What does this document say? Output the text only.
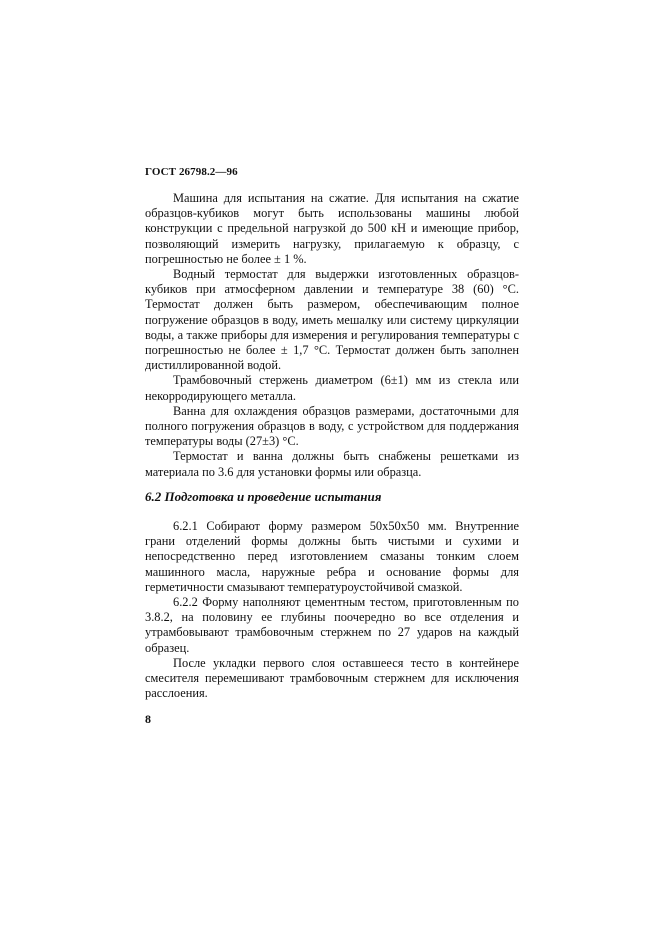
ГОСТ 26798.2—96

Машина для испытания на сжатие. Для испытания на сжатие образцов-кубиков могут быть использованы машины любой конструкции с предельной нагрузкой до 500 кН и имеющие прибор, позволяющий измерить нагрузку, прилагаемую к образцу, с погрешностью не более ± 1 %.

Водный термостат для выдержки изготовленных образцов-кубиков при атмосферном давлении и температуре 38 (60) °С. Термостат должен быть размером, обеспечивающим полное погружение образцов в воду, иметь мешалку или систему циркуляции воды, а также приборы для измерения и регулирования температуры с погрешностью не более ± 1,7 °С. Термостат должен быть заполнен дистиллированной водой.

Трамбовочный стержень диаметром (6±1) мм из стекла или некорродирующего металла.

Ванна для охлаждения образцов размерами, достаточными для полного погружения образцов в воду, с устройством для поддержания температуры воды (27±3) °С.

Термостат и ванна должны быть снабжены решетками из материала по 3.6 для установки формы или образца.

6.2 Подготовка и проведение испытания

6.2.1 Собирают форму размером 50х50х50 мм. Внутренние грани отделений формы должны быть чистыми и сухими и непосредственно перед изготовлением смазаны тонким слоем машинного масла, наружные ребра и основание формы для герметичности смазывают температуроустойчивой смазкой.

6.2.2 Форму наполняют цементным тестом, приготовленным по 3.8.2, на половину ее глубины поочередно во все отделения и утрамбовывают трамбовочным стержнем по 27 ударов на каждый образец.

После укладки первого слоя оставшееся тесто в контейнере смесителя перемешивают трамбовочным стержнем для исключения расслоения.

8
